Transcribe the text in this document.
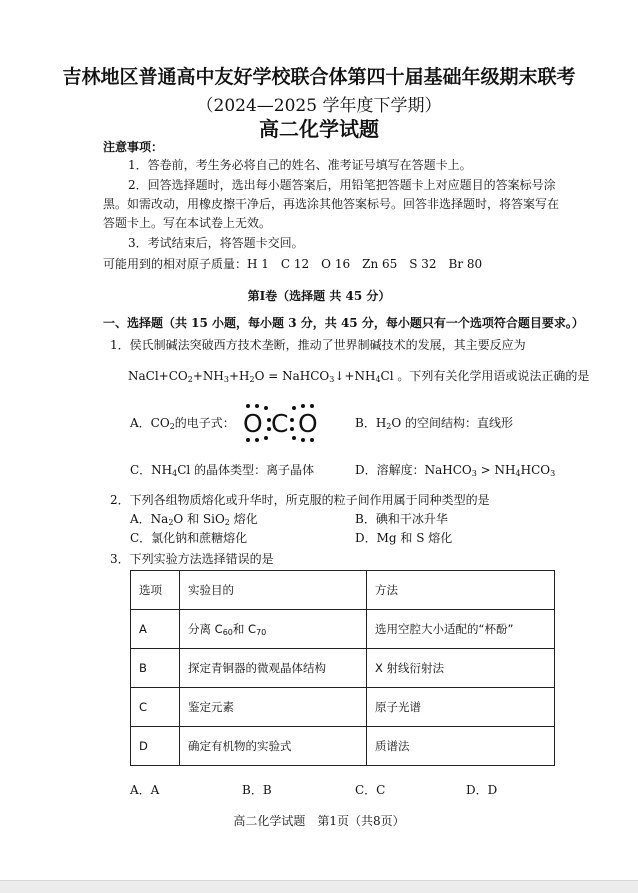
吉林地区普通高中友好学校联合体第四十届基础年级期末联考
（2024—2025 学年度下学期）
高二化学试题
注意事项：
1．答卷前，考生务必将自己的姓名、准考证号填写在答题卡上。
2．回答选择题时，选出每小题答案后，用铅笔把答题卡上对应题目的答案标号涂
黑。如需改动，用橡皮擦干净后，再选涂其他答案标号。回答非选择题时，将答案写在
答题卡上。写在本试卷上无效。
3．考试结束后，将答题卡交回。
可能用到的相对原子质量：H 1　C 12　O 16　Zn 65　S 32　Br 80
第Ⅰ卷（选择题 共 45 分）
一、选择题（共 15 小题，每小题 3 分，共 45 分，每小题只有一个选项符合题目要求。）
1．侯氏制碱法突破西方技术垄断，推动了世界制碱技术的发展，其主要反应为
$NaCl+CO_2+NH_3+H_2O$ = $NaHCO_3↓+NH_4Cl$ 。下列有关化学用语或说法正确的是
A．$CO_2$的电子式： O C O	B．$H_2O$ 的空间结构：直线形
C．$NH_4Cl$ 的晶体类型：离子晶体	D．溶解度：NaHCO$_3$ > $NH_4HCO_3$
2．下列各组物质熔化或升华时，所克服的粒子间作用属于同种类型的是
A．$Na_2O$ 和 SiO$_2$ 熔化	B．碘和干冰升华
C．氯化钠和蔗糖熔化	D．Mg 和 S 熔化
3．下列实验方法选择错误的是
选项	实验目的	方法
A	分离 $C_{60}$和 $C_{70}$	选用空腔大小适配的“杯酚”
B	探定青铜器的微观晶体结构	X 射线衍射法
C	鉴定元素	原子光谱
D	确定有机物的实验式	质谱法
A．A	B．B	C．C	D．D
高二化学试题　第1页（共8页）
